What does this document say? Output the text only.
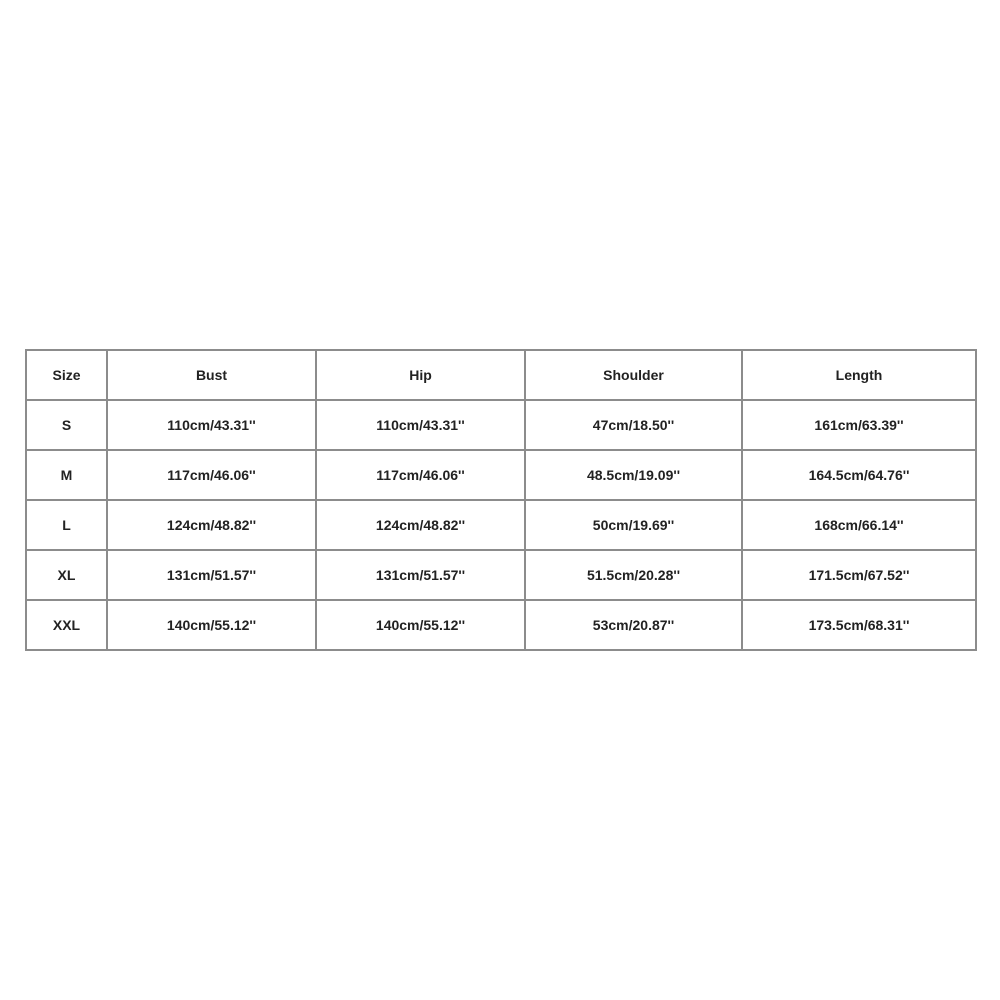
Size	Bust	Hip	Shoulder	Length
S	110cm/43.31''	110cm/43.31''	47cm/18.50''	161cm/63.39''
M	117cm/46.06''	117cm/46.06''	48.5cm/19.09''	164.5cm/64.76''
L	124cm/48.82''	124cm/48.82''	50cm/19.69''	168cm/66.14''
XL	131cm/51.57''	131cm/51.57''	51.5cm/20.28''	171.5cm/67.52''
XXL	140cm/55.12''	140cm/55.12''	53cm/20.87''	173.5cm/68.31''
